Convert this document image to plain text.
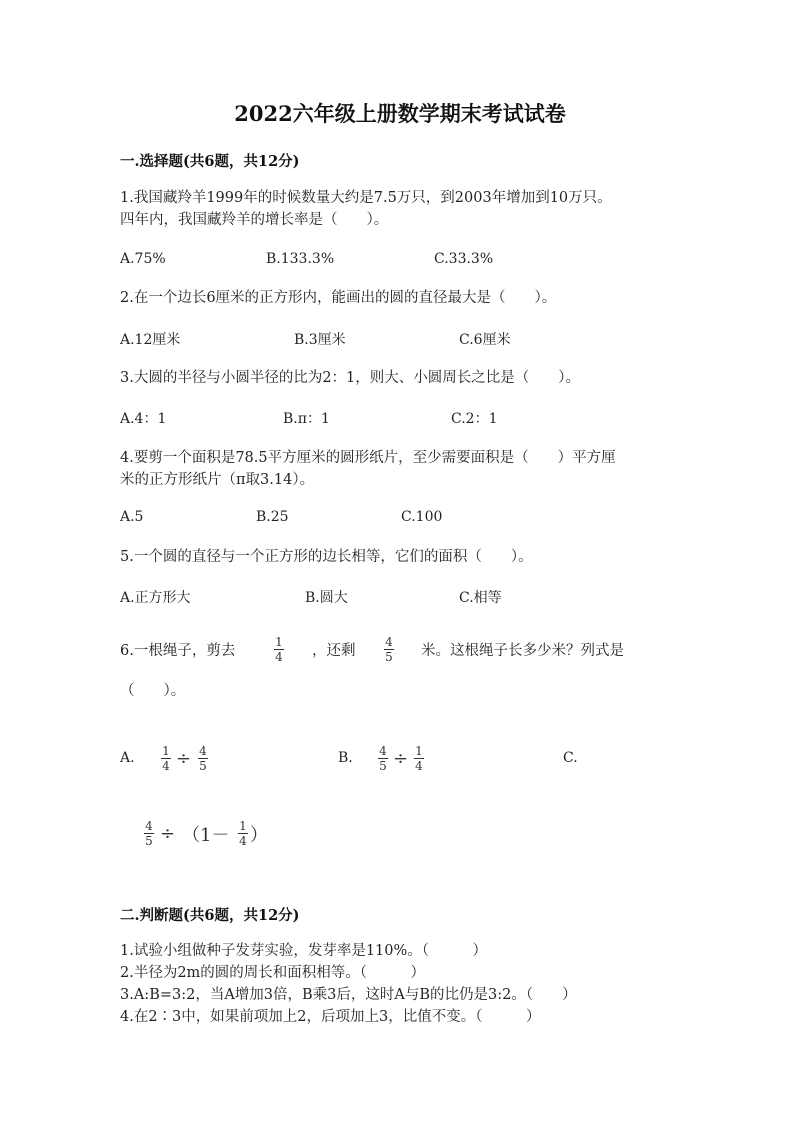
2022六年级上册数学期末考试试卷
一.选择题(共6题，共12分)
1.我国藏羚羊1999年的时候数量大约是7.5万只，到2003年增加到10万只。
四年内，我国藏羚羊的增长率是（　　）。
A.75%	B.133.3%	C.33.3%
2.在一个边长6厘米的正方形内，能画出的圆的直径最大是（　　）。
A.12厘米	B.3厘米	C.6厘米
3.大圆的半径与小圆半径的比为2：1，则大、小圆周长之比是（　　）。
A.4：1	B.π：1	C.2：1
4.要剪一个面积是78.5平方厘米的圆形纸片，至少需要面积是（　　）平方厘
米的正方形纸片（π取3.14）。
A.5	B.25	C.100
5.一个圆的直径与一个正方形的边长相等，它们的面积（　　）。
A.正方形大	B.圆大	C.相等
6.一根绳子，剪去
1
4 ，还剩
4
5 米。这根绳子长多少米？列式是
（　　）。
A. 1
4 ÷ 4
5	B. 4
5 ÷ 1
4	C.
4
5 ÷ （1－ 1
4 ）
二.判断题(共6题，共12分)
1.试验小组做种子发芽实验，发芽率是110%。（　　　）
2.半径为2m的圆的周长和面积相等。（　　　）
3.A:B=3:2，当A增加3倍，B乘3后，这时A与B的比仍是3:2。（　　）
4.在2∶3中，如果前项加上2，后项加上3，比值不变。（　　　）
